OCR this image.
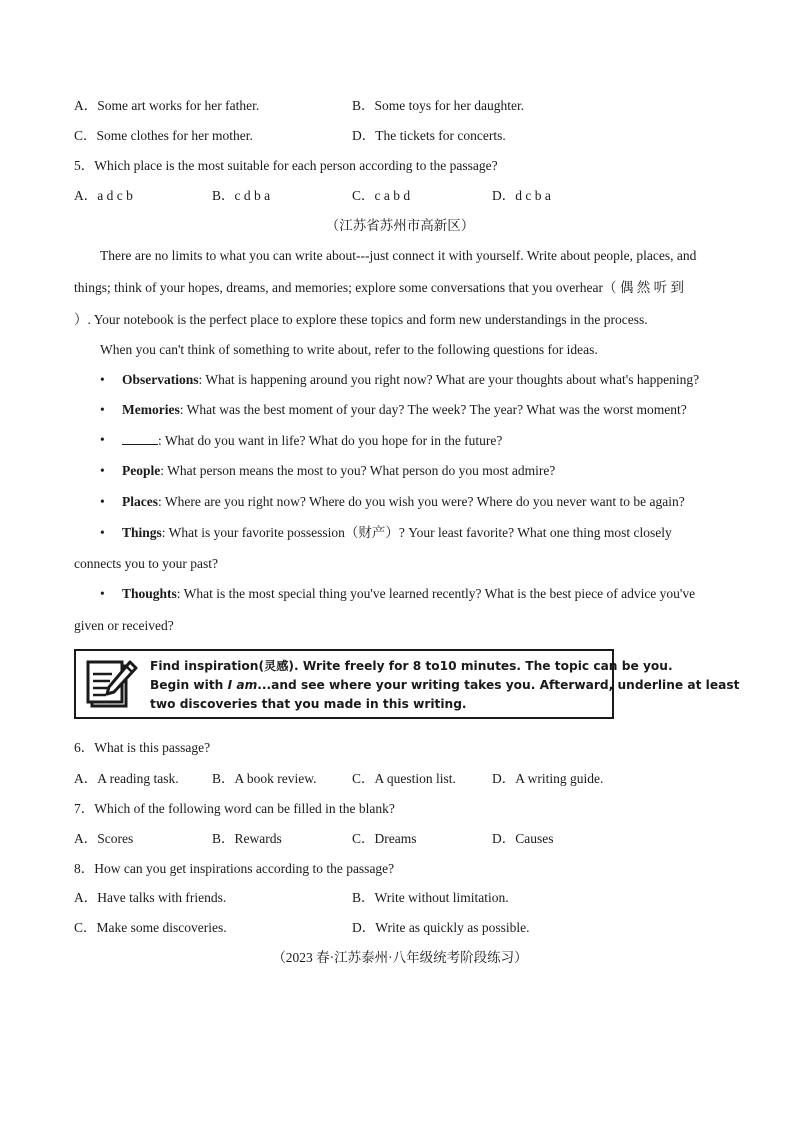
A．Some art works for her father.	B．Some toys for her daughter.
C．Some clothes for her mother.	D．The tickets for concerts.
5．Which place is the most suitable for each person according to the passage?
A．a d c b	B．c d b a	C．c a b d	D．d c b a
（江苏省苏州市高新区）
There are no limits to what you can write about---just connect it with yourself. Write about people, places, and
things; think of your hopes, dreams, and memories; explore some conversations that you overhear（ 偶 然 听 到
）. Your notebook is the perfect place to explore these topics and form new understandings in the process.
When you can't think of something to write about, refer to the following questions for ideas.
•	Observations: What is happening around you right now? What are your thoughts about what's happening?
•	Memories: What was the best moment of your day? The week? The year? What was the worst moment?
•	: What do you want in life? What do you hope for in the future?
•	People: What person means the most to you? What person do you most admire?
•	Places: Where are you right now? Where do you wish you were? Where do you never want to be again?
•	Things: What is your favorite possession（财产）? Your least favorite? What one thing most closely
connects you to your past?
•	Thoughts: What is the most special thing you've learned recently? What is the best piece of advice you've
given or received?
Find inspiration(灵感). Write freely for 8 to10 minutes. The topic can be you.
Begin with I am...and see where your writing takes you. Afterward, underline at least
two discoveries that you made in this writing.
6．What is this passage?
A．A reading task. B．A book review.	C．A question list.	D．A writing guide.
7．Which of the following word can be filled in the blank?
A．Scores	B．Rewards	C．Dreams	D．Causes
8．How can you get inspirations according to the passage?
A．Have talks with friends.	B．Write without limitation.
C．Make some discoveries.	D．Write as quickly as possible.
（2023 春·江苏泰州·八年级统考阶段练习）
